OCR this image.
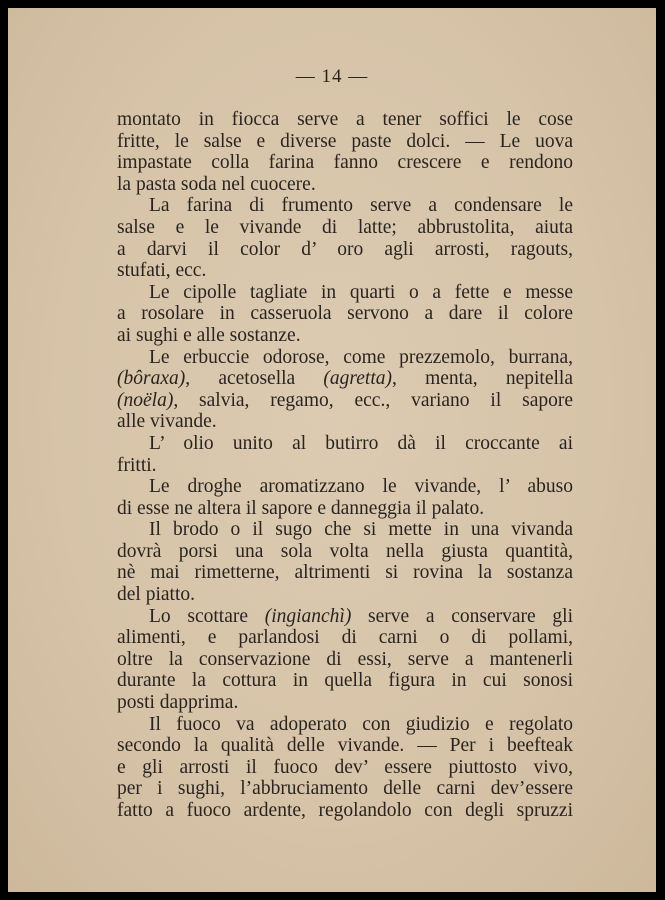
— 14 —
montato in fiocca serve a tener soffici le cose
fritte, le salse e diverse paste dolci. — Le uova
impastate colla farina fanno crescere e rendono
la pasta soda nel cuocere.
La farina di frumento serve a condensare le
salse e le vivande di latte; abbrustolita, aiuta
a darvi il color d’ oro agli arrosti, ragouts,
stufati, ecc.
Le cipolle tagliate in quarti o a fette e messe
a rosolare in casseruola servono a dare il colore
ai sughi e alle sostanze.
Le erbuccie odorose, come prezzemolo, burrana,
(bôraxa), acetosella (agretta), menta, nepitella
(noëla), salvia, regamo, ecc., variano il sapore
alle vivande.
L’ olio unito al butirro dà il croccante ai
fritti.
Le droghe aromatizzano le vivande, l’ abuso
di esse ne altera il sapore e danneggia il palato.
Il brodo o il sugo che si mette in una vivanda
dovrà porsi una sola volta nella giusta quantità,
nè mai rimetterne, altrimenti si rovina la sostanza
del piatto.
Lo scottare (ingianchì) serve a conservare gli
alimenti, e parlandosi di carni o di pollami,
oltre la conservazione di essi, serve a mantenerli
durante la cottura in quella figura in cui sonosi
posti dapprima.
Il fuoco va adoperato con giudizio e regolato
secondo la qualità delle vivande. — Per i beefteak
e gli arrosti il fuoco dev’ essere piuttosto vivo,
per i sughi, l’abbruciamento delle carni dev’essere
fatto a fuoco ardente, regolandolo con degli spruzzi
